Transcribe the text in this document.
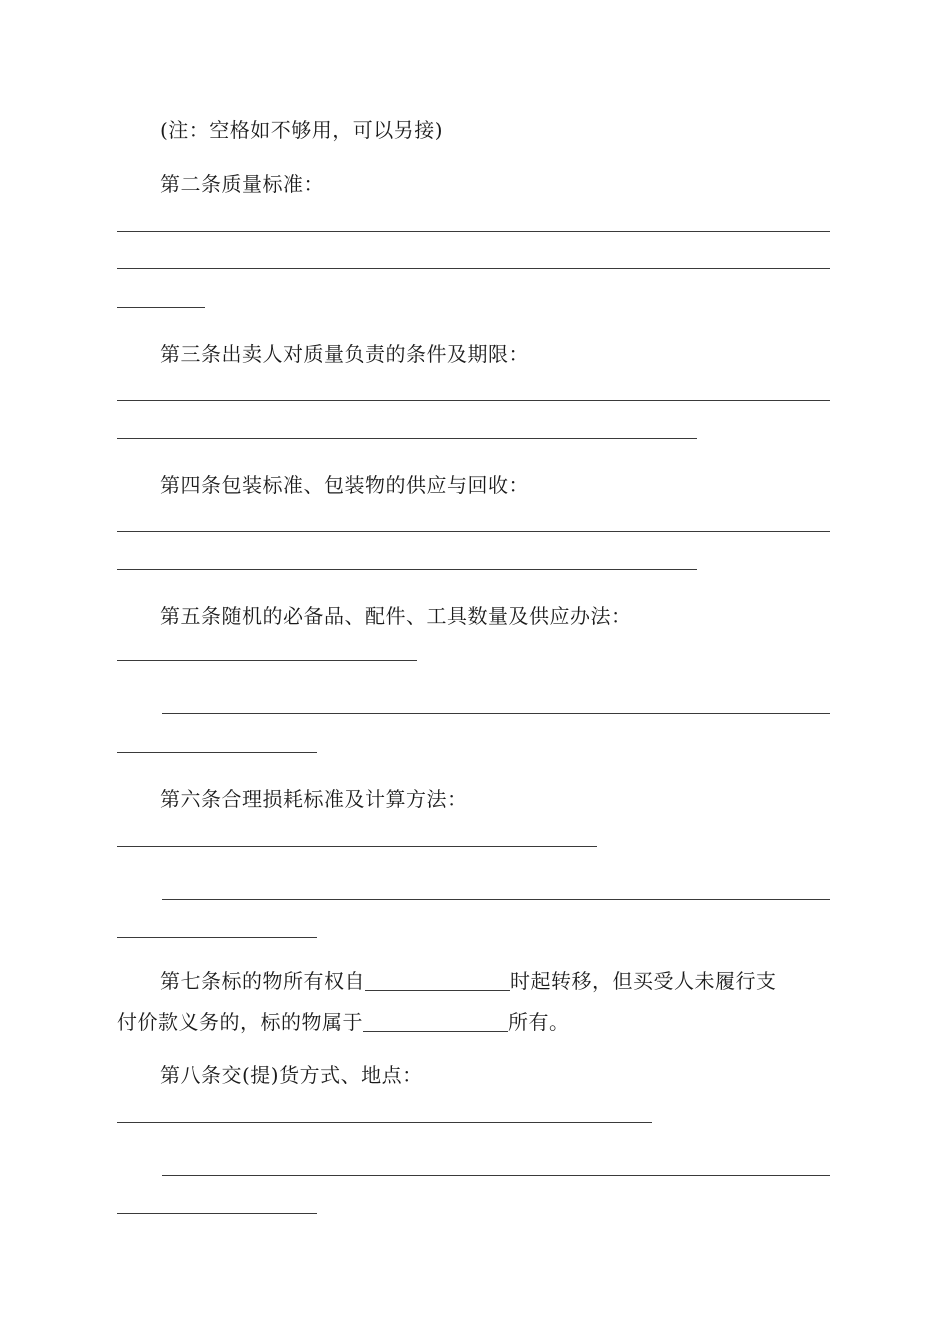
(注：空格如不够用，可以另接)
第二条质量标准：
第三条出卖人对质量负责的条件及期限：
第四条包装标准、包装物的供应与回收：
第五条随机的必备品、配件、工具数量及供应办法：
第六条合理损耗标准及计算方法：
第七条标的物所有权自	时起转移，但买受人未履行支
付价款义务的，标的物属于	所有。
第八条交(提)货方式、地点：
